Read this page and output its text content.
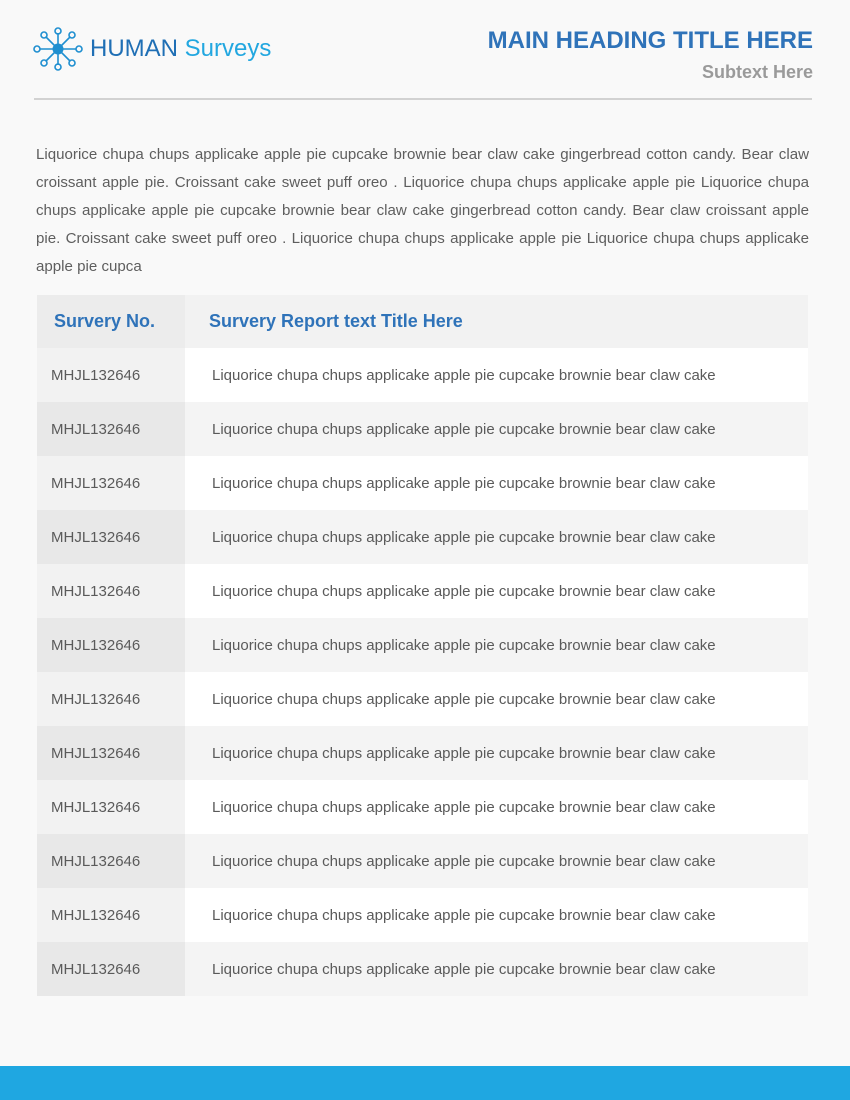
HUMAN Surveys	MAIN HEADING TITLE HERE
Subtext Here

Liquorice chupa chups applicake apple pie cupcake brownie bear claw cake gingerbread cotton candy. Bear claw croissant apple pie. Croissant cake sweet puff oreo . Liquorice chupa chups applicake apple pie Liquorice chupa chups applicake apple pie cupcake brownie bear claw cake gingerbread cotton candy. Bear claw croissant apple pie. Croissant cake sweet puff oreo . Liquorice chupa chups applicake apple pie Liquorice chupa chups applicake apple pie cupca

Survery No.	Survery Report text Title Here
MHJL132646	Liquorice chupa chups applicake apple pie cupcake brownie bear claw cake
MHJL132646	Liquorice chupa chups applicake apple pie cupcake brownie bear claw cake
MHJL132646	Liquorice chupa chups applicake apple pie cupcake brownie bear claw cake
MHJL132646	Liquorice chupa chups applicake apple pie cupcake brownie bear claw cake
MHJL132646	Liquorice chupa chups applicake apple pie cupcake brownie bear claw cake
MHJL132646	Liquorice chupa chups applicake apple pie cupcake brownie bear claw cake
MHJL132646	Liquorice chupa chups applicake apple pie cupcake brownie bear claw cake
MHJL132646	Liquorice chupa chups applicake apple pie cupcake brownie bear claw cake
MHJL132646	Liquorice chupa chups applicake apple pie cupcake brownie bear claw cake
MHJL132646	Liquorice chupa chups applicake apple pie cupcake brownie bear claw cake
MHJL132646	Liquorice chupa chups applicake apple pie cupcake brownie bear claw cake
MHJL132646	Liquorice chupa chups applicake apple pie cupcake brownie bear claw cake
